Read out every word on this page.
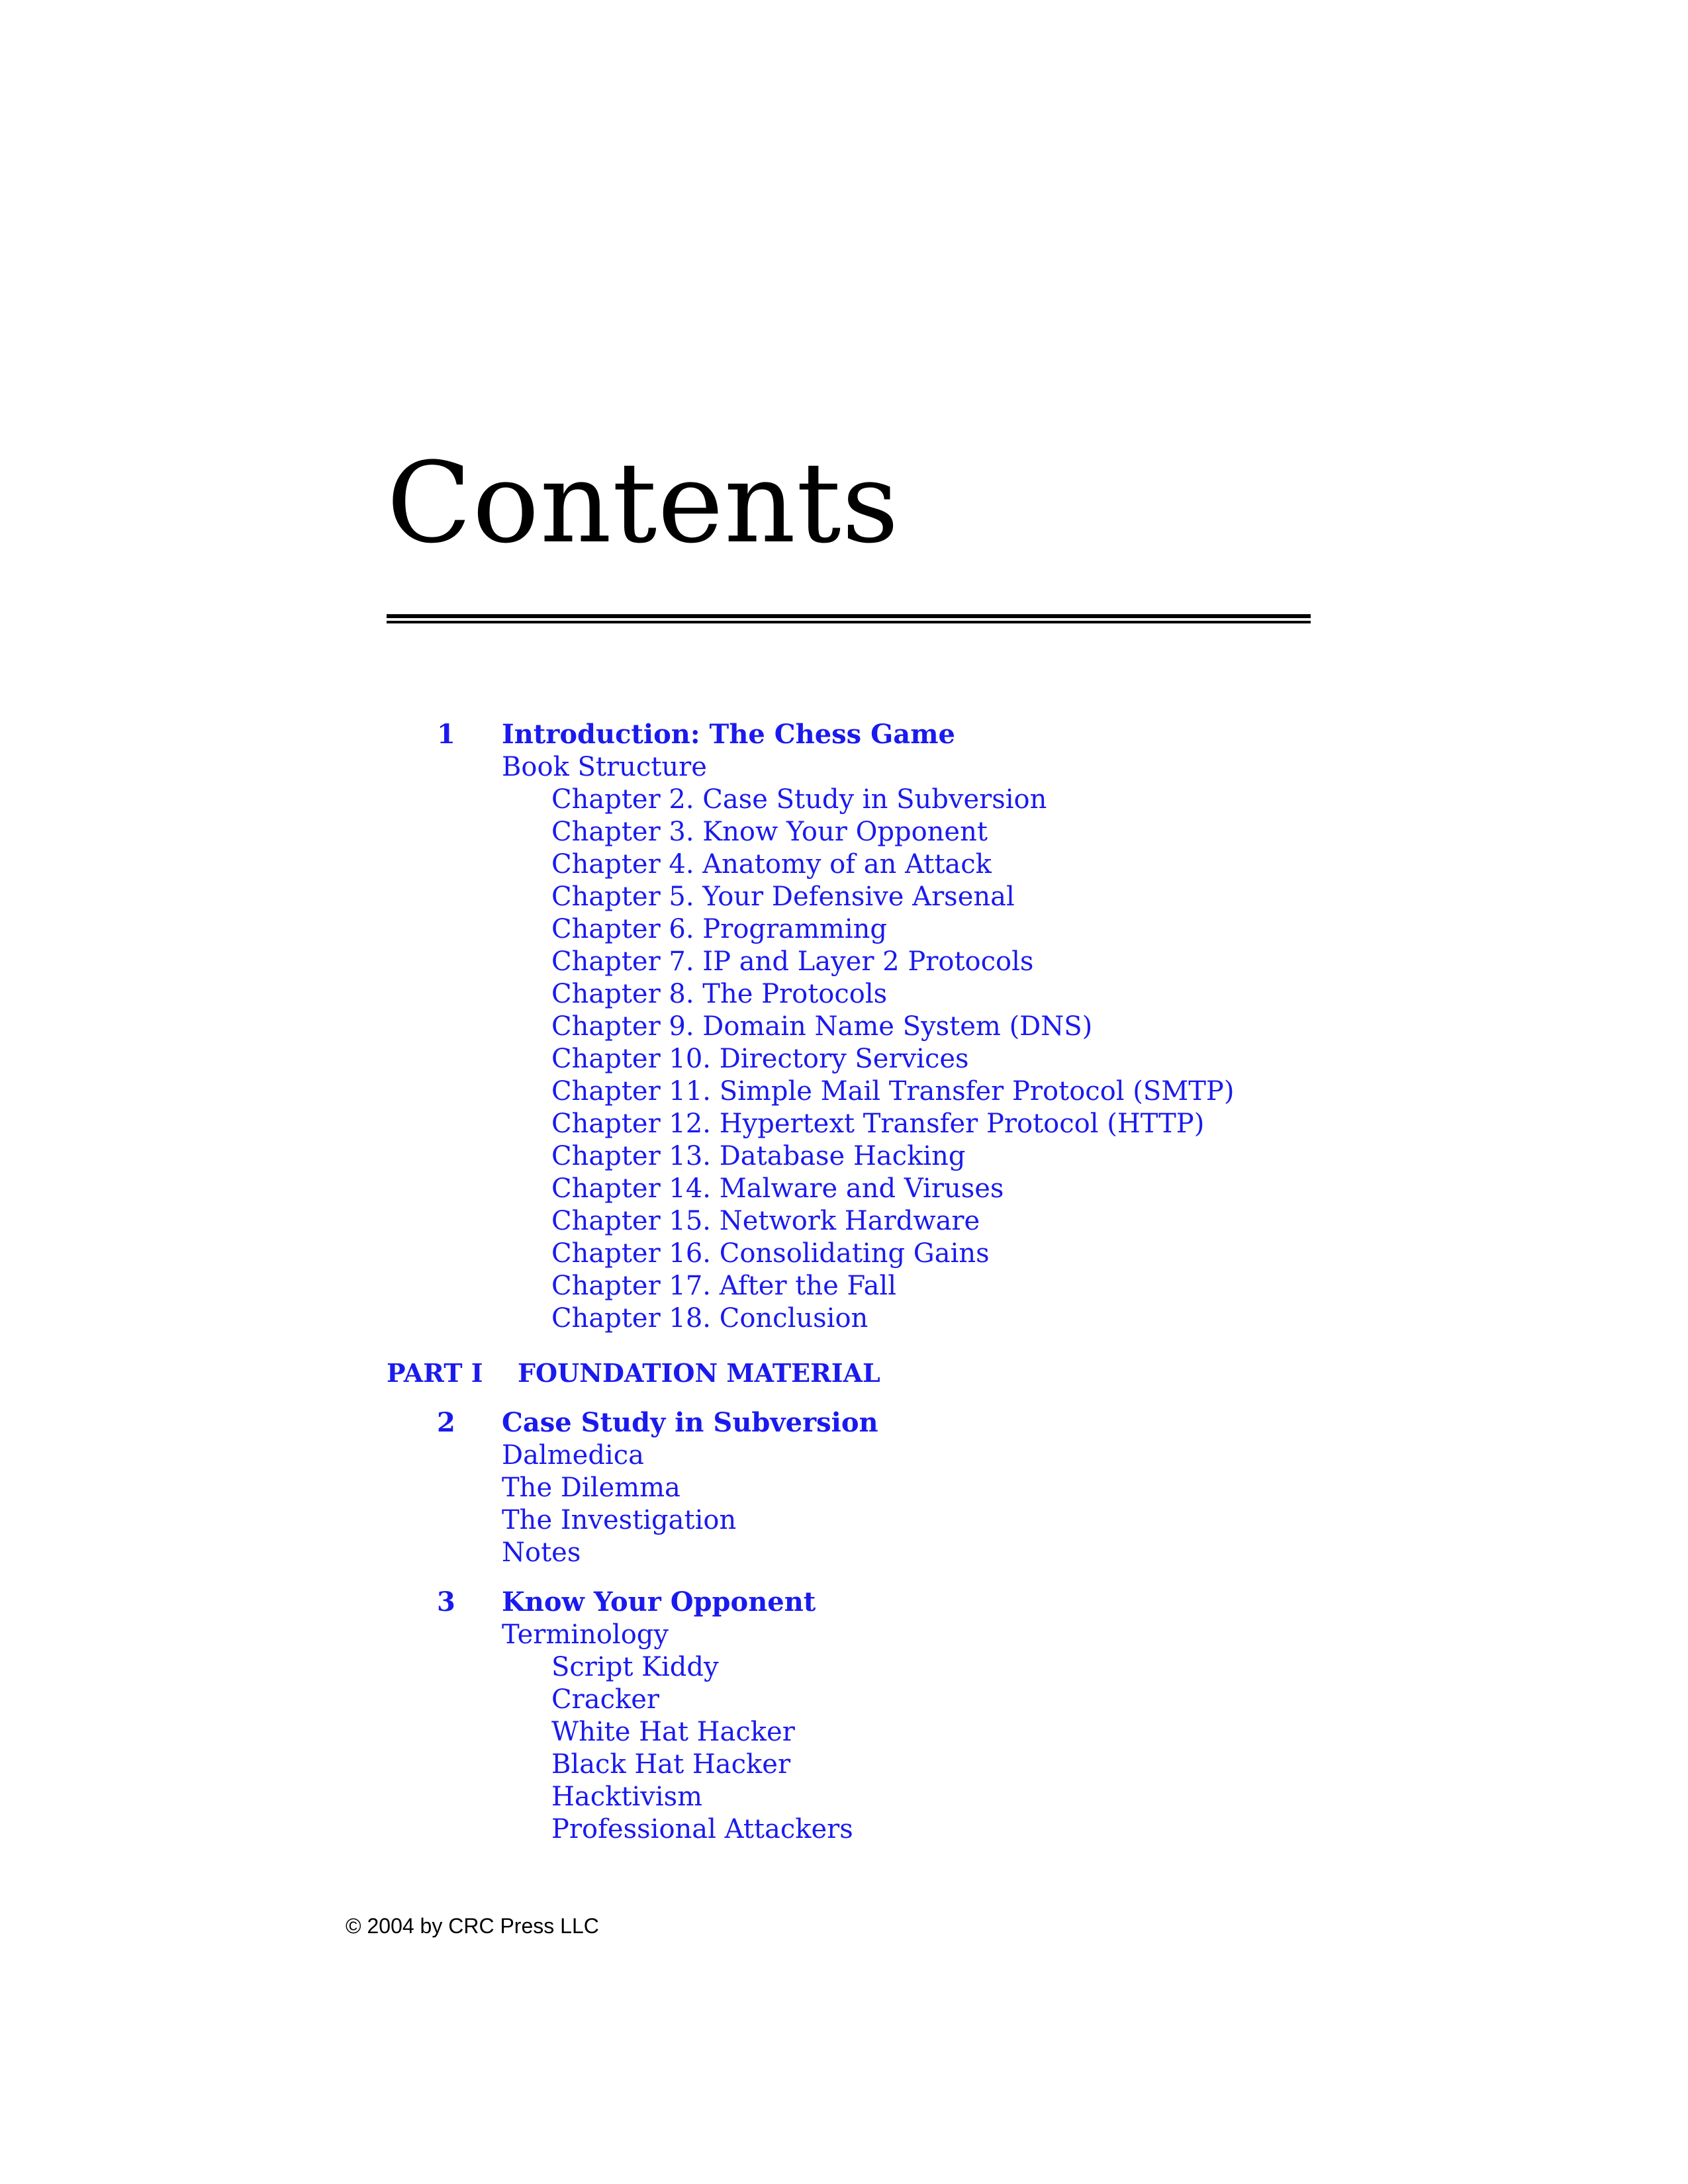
Contents
1 Introduction: The Chess Game
Book Structure
Chapter 2. Case Study in Subversion
Chapter 3. Know Your Opponent
Chapter 4. Anatomy of an Attack
Chapter 5. Your Defensive Arsenal
Chapter 6. Programming
Chapter 7. IP and Layer 2 Protocols
Chapter 8. The Protocols
Chapter 9. Domain Name System (DNS)
Chapter 10. Directory Services
Chapter 11. Simple Mail Transfer Protocol (SMTP)
Chapter 12. Hypertext Transfer Protocol (HTTP)
Chapter 13. Database Hacking
Chapter 14. Malware and Viruses
Chapter 15. Network Hardware
Chapter 16. Consolidating Gains
Chapter 17. After the Fall
Chapter 18. Conclusion
PART I FOUNDATION MATERIAL
2 Case Study in Subversion
Dalmedica
The Dilemma
The Investigation
Notes
3 Know Your Opponent
Terminology
Script Kiddy
Cracker
White Hat Hacker
Black Hat Hacker
Hacktivism
Professional Attackers
© 2004 by CRC Press LLC
